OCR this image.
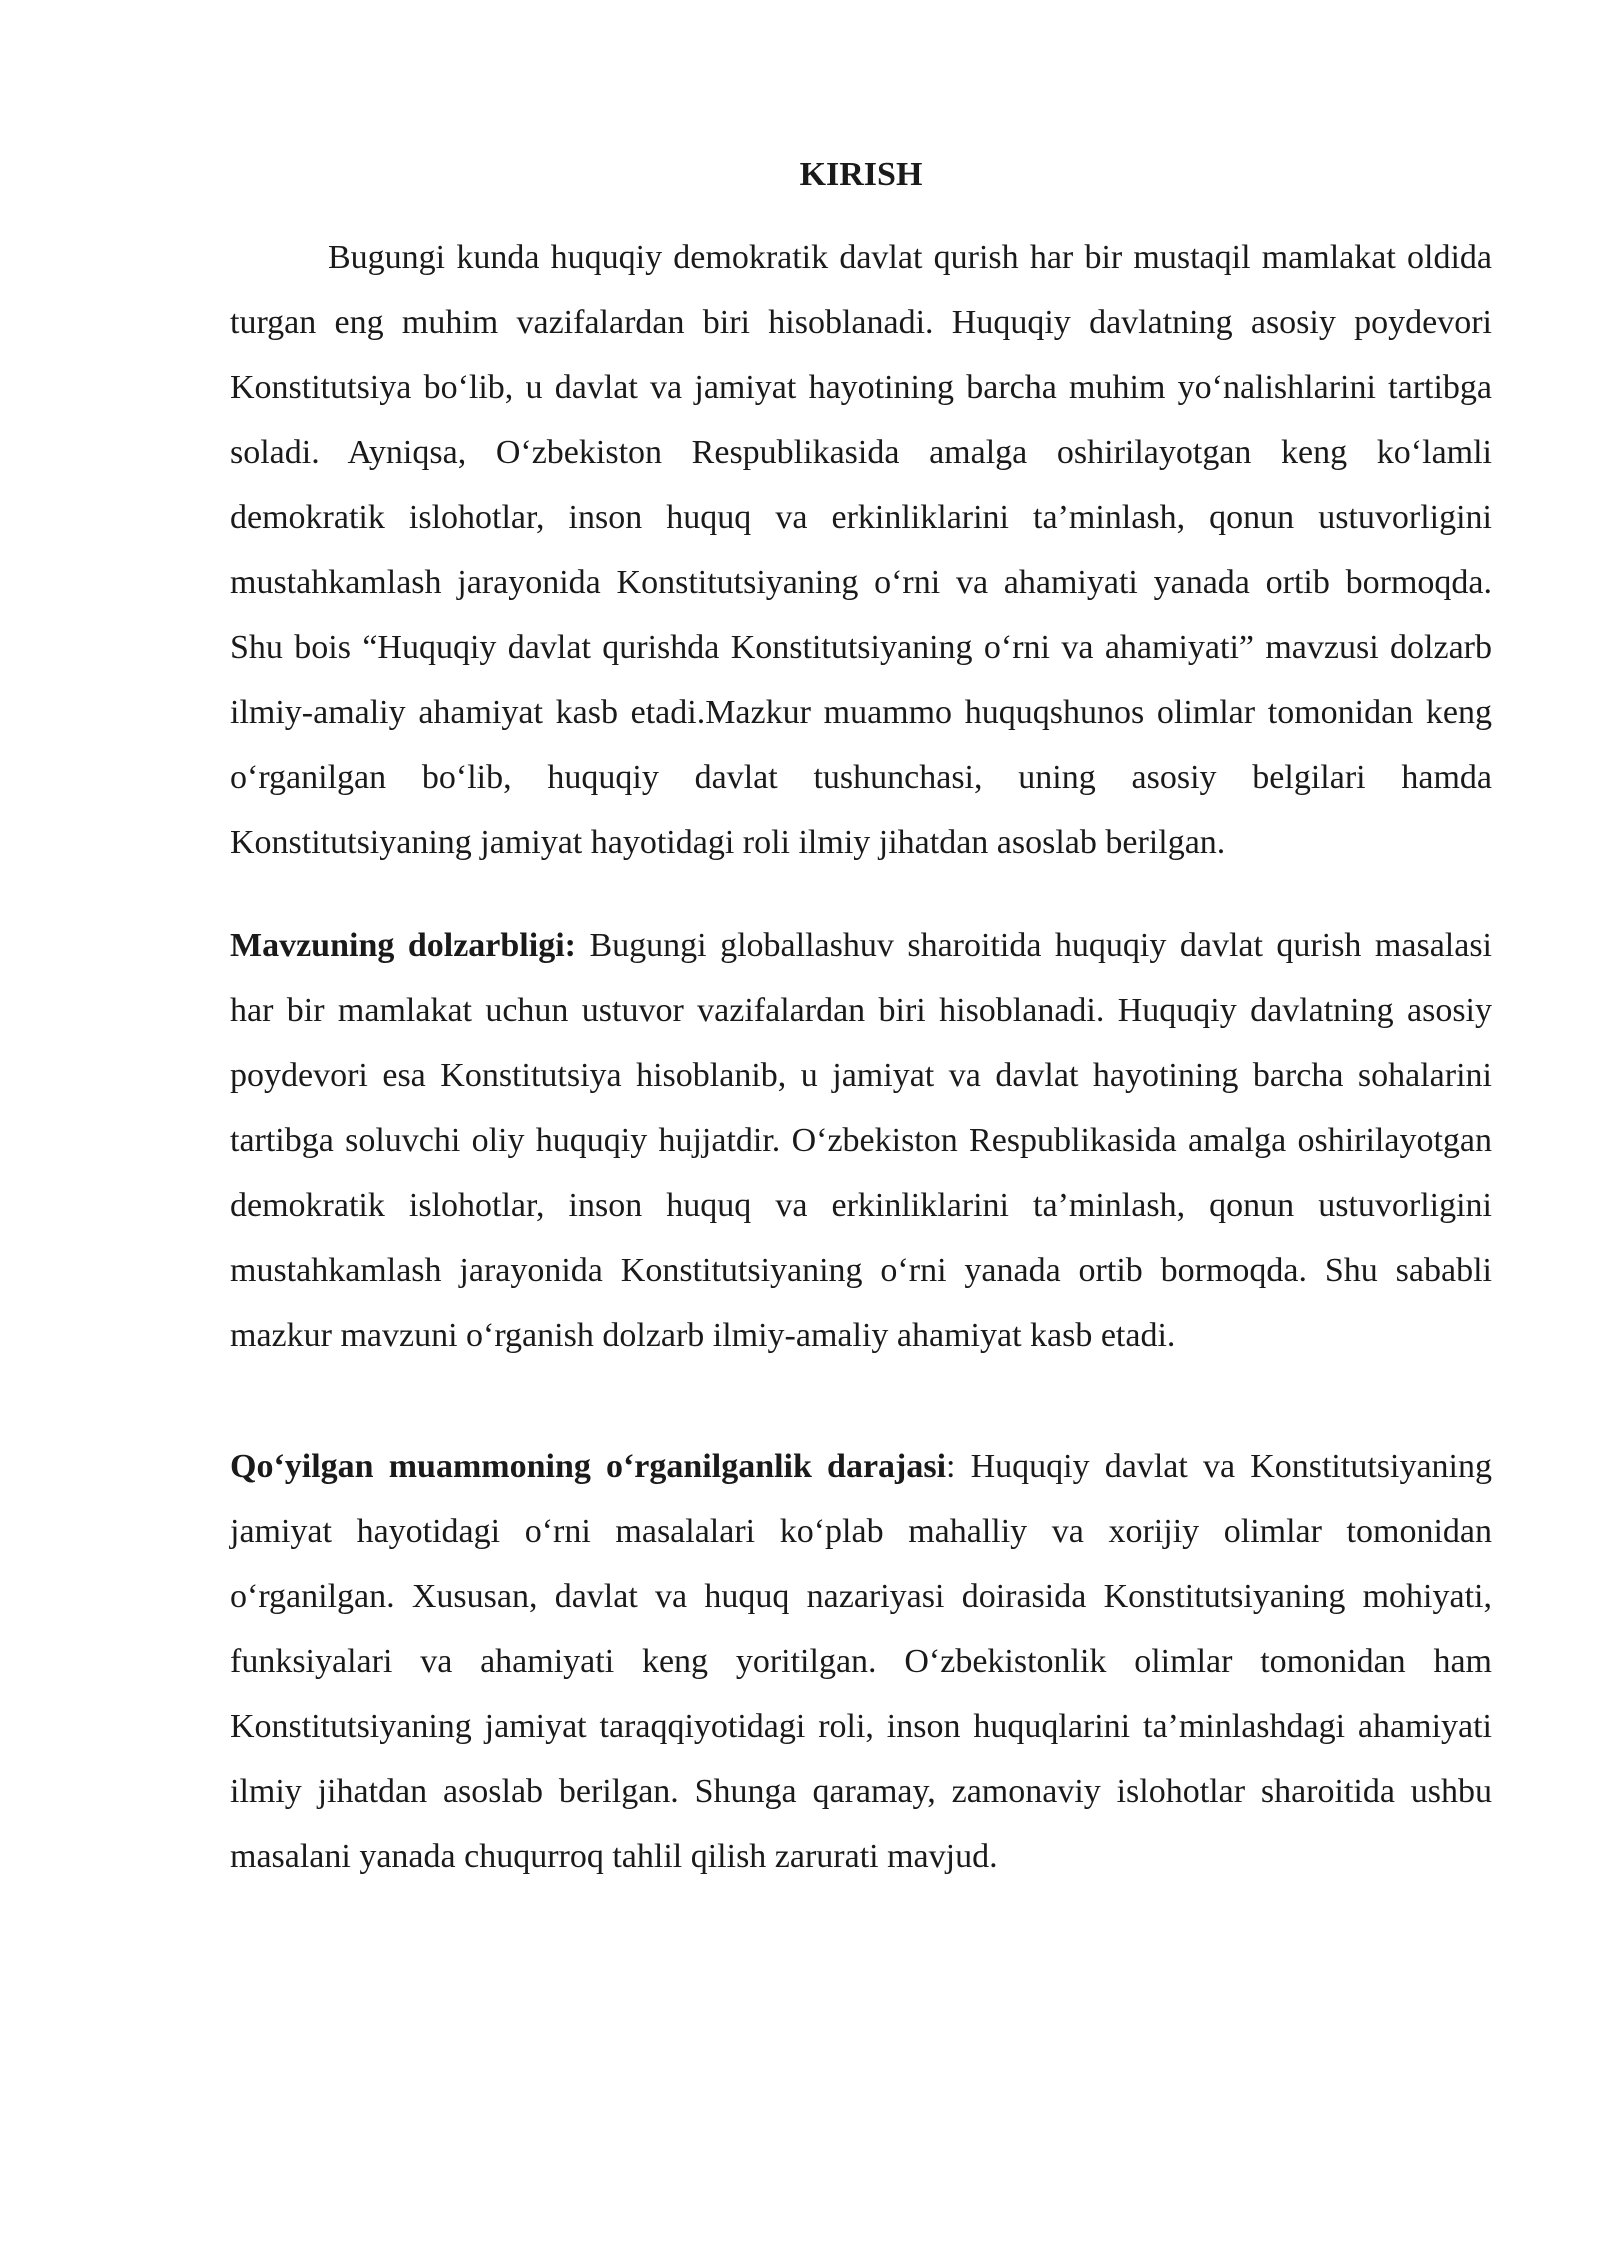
KIRISH

Bugungi kunda huquqiy demokratik davlat qurish har bir mustaqil mamlakat oldida turgan eng muhim vazifalardan biri hisoblanadi. Huquqiy davlatning asosiy poydevori Konstitutsiya bo‘lib, u davlat va jamiyat hayotining barcha muhim yo‘nalishlarini tartibga soladi. Ayniqsa, O‘zbekiston Respublikasida amalga oshirilayotgan keng ko‘lamli demokratik islohotlar, inson huquq va erkinliklarini ta’minlash, qonun ustuvorligini mustahkamlash jarayonida Konstitutsiyaning o‘rni va ahamiyati yanada ortib bormoqda. Shu bois “Huquqiy davlat qurishda Konstitutsiyaning o‘rni va ahamiyati” mavzusi dolzarb ilmiy-amaliy ahamiyat kasb etadi.Mazkur muammo huquqshunos olimlar tomonidan keng o‘rganilgan bo‘lib, huquqiy davlat tushunchasi, uning asosiy belgilari hamda Konstitutsiyaning jamiyat hayotidagi roli ilmiy jihatdan asoslab berilgan.

Mavzuning dolzarbligi: Bugungi globallashuv sharoitida huquqiy davlat qurish masalasi har bir mamlakat uchun ustuvor vazifalardan biri hisoblanadi. Huquqiy davlatning asosiy poydevori esa Konstitutsiya hisoblanib, u jamiyat va davlat hayotining barcha sohalarini tartibga soluvchi oliy huquqiy hujjatdir. O‘zbekiston Respublikasida amalga oshirilayotgan demokratik islohotlar, inson huquq va erkinliklarini ta’minlash, qonun ustuvorligini mustahkamlash jarayonida Konstitutsiyaning o‘rni yanada ortib bormoqda. Shu sababli mazkur mavzuni o‘rganish dolzarb ilmiy-amaliy ahamiyat kasb etadi.

Qo‘yilgan muammoning o‘rganilganlik darajasi: Huquqiy davlat va Konstitutsiyaning jamiyat hayotidagi o‘rni masalalari ko‘plab mahalliy va xorijiy olimlar tomonidan o‘rganilgan. Xususan, davlat va huquq nazariyasi doirasida Konstitutsiyaning mohiyati, funksiyalari va ahamiyati keng yoritilgan. O‘zbekistonlik olimlar tomonidan ham Konstitutsiyaning jamiyat taraqqiyotidagi roli, inson huquqlarini ta’minlashdagi ahamiyati ilmiy jihatdan asoslab berilgan. Shunga qaramay, zamonaviy islohotlar sharoitida ushbu masalani yanada chuqurroq tahlil qilish zarurati mavjud.
